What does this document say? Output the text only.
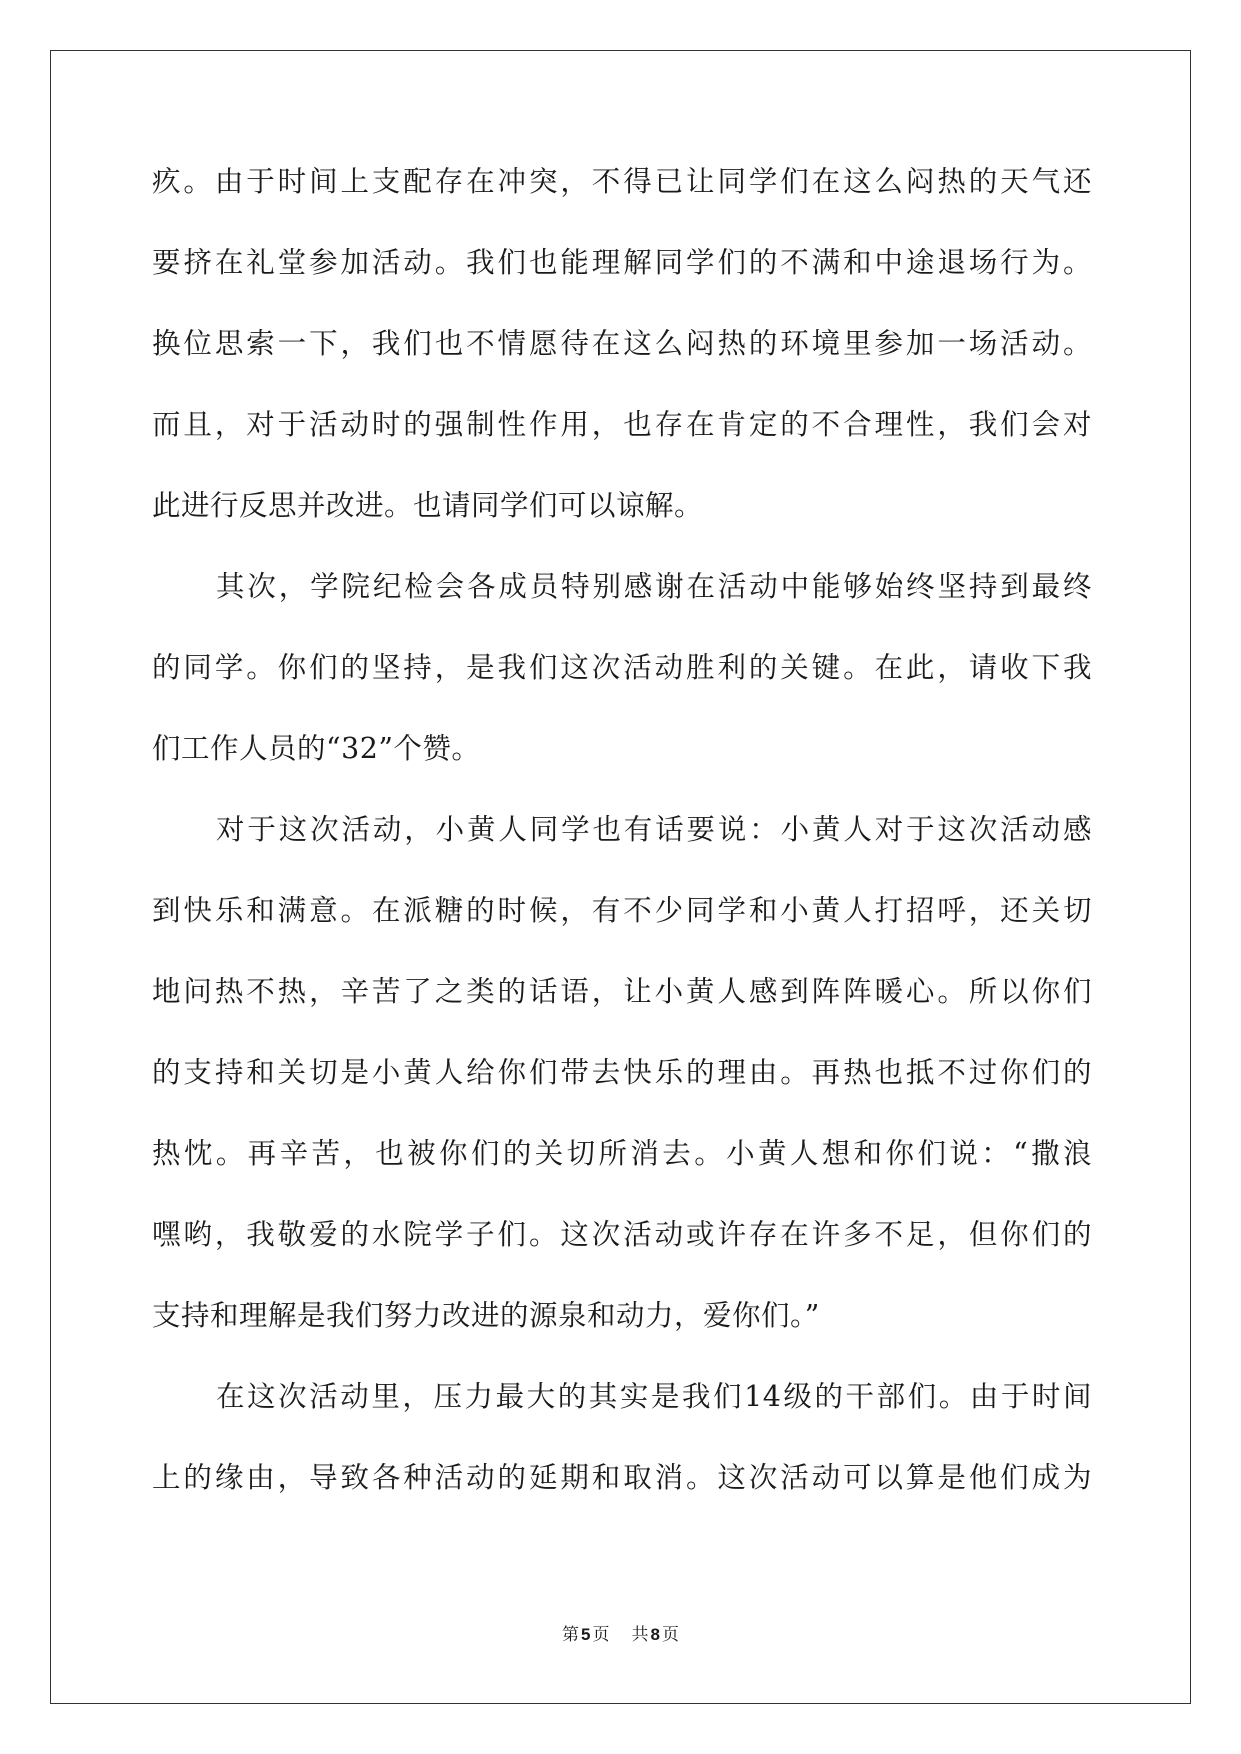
疚。由于时间上支配存在冲突，不得已让同学们在这么闷热的天气还
要挤在礼堂参加活动。我们也能理解同学们的不满和中途退场行为。
换位思索一下，我们也不情愿待在这么闷热的环境里参加一场活动。
而且，对于活动时的强制性作用，也存在肯定的不合理性，我们会对
此进行反思并改进。也请同学们可以谅解。
其次，学院纪检会各成员特别感谢在活动中能够始终坚持到最终
的同学。你们的坚持，是我们这次活动胜利的关键。在此，请收下我
们工作人员的“32”个赞。
对于这次活动，小黄人同学也有话要说：小黄人对于这次活动感
到快乐和满意。在派糖的时候，有不少同学和小黄人打招呼，还关切
地问热不热，辛苦了之类的话语，让小黄人感到阵阵暖心。所以你们
的支持和关切是小黄人给你们带去快乐的理由。再热也抵不过你们的
热忱。再辛苦，也被你们的关切所消去。小黄人想和你们说：“撒浪
嘿哟，我敬爱的水院学子们。这次活动或许存在许多不足，但你们的
支持和理解是我们努力改进的源泉和动力，爱你们。”
在这次活动里，压力最大的其实是我们14级的干部们。由于时间
上的缘由，导致各种活动的延期和取消。这次活动可以算是他们成为
第 5 页 共 8 页
